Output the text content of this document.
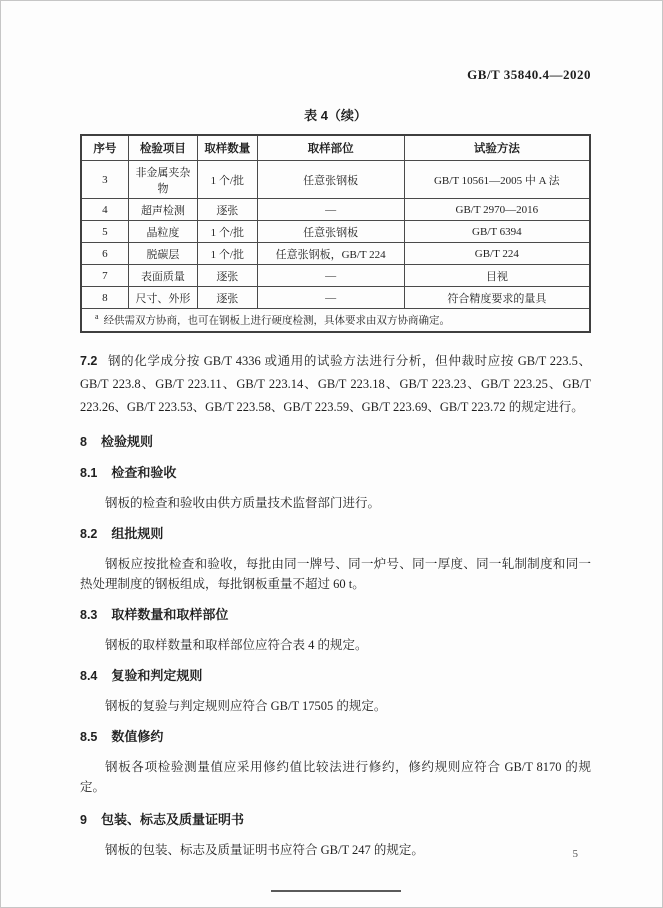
GB/T 35840.4—2020
表 4（续）
序号	检验项目	取样数量	取样部位	试验方法
3	非金属夹杂物	1 个/批	任意张钢板	GB/T 10561—2005 中 A 法
4	超声检测	逐张	—	GB/T 2970—2016
5	晶粒度	1 个/批	任意张钢板	GB/T 6394
6	脱碳层	1 个/批	任意张钢板，GB/T 224	GB/T 224
7	表面质量	逐张	—	目视
8	尺寸、外形	逐张	—	符合精度要求的量具
$^a$ 经供需双方协商，也可在钢板上进行硬度检测，具体要求由双方协商确定。				
7.2 钢的化学成分按 GB/T 4336 或通用的试验方法进行分析，但仲裁时应按 GB/T 223.5、GB/T 223.8、GB/T 223.11、GB/T 223.14、GB/T 223.18、GB/T 223.23、GB/T 223.25、GB/T 223.26、GB/T 223.53、GB/T 223.58、GB/T 223.59、GB/T 223.69、GB/T 223.72 的规定进行。
8 检验规则
8.1 检查和验收
钢板的检查和验收由供方质量技术监督部门进行。
8.2 组批规则
钢板应按批检查和验收，每批由同一牌号、同一炉号、同一厚度、同一轧制制度和同一热处理制度的钢板组成，每批钢板重量不超过 60 t。
8.3 取样数量和取样部位
钢板的取样数量和取样部位应符合表 4 的规定。
8.4 复验和判定规则
钢板的复验与判定规则应符合 GB/T 17505 的规定。
8.5 数值修约
钢板各项检验测量值应采用修约值比较法进行修约，修约规则应符合 GB/T 8170 的规定。
9 包装、标志及质量证明书
钢板的包装、标志及质量证明书应符合 GB/T 247 的规定。	5
